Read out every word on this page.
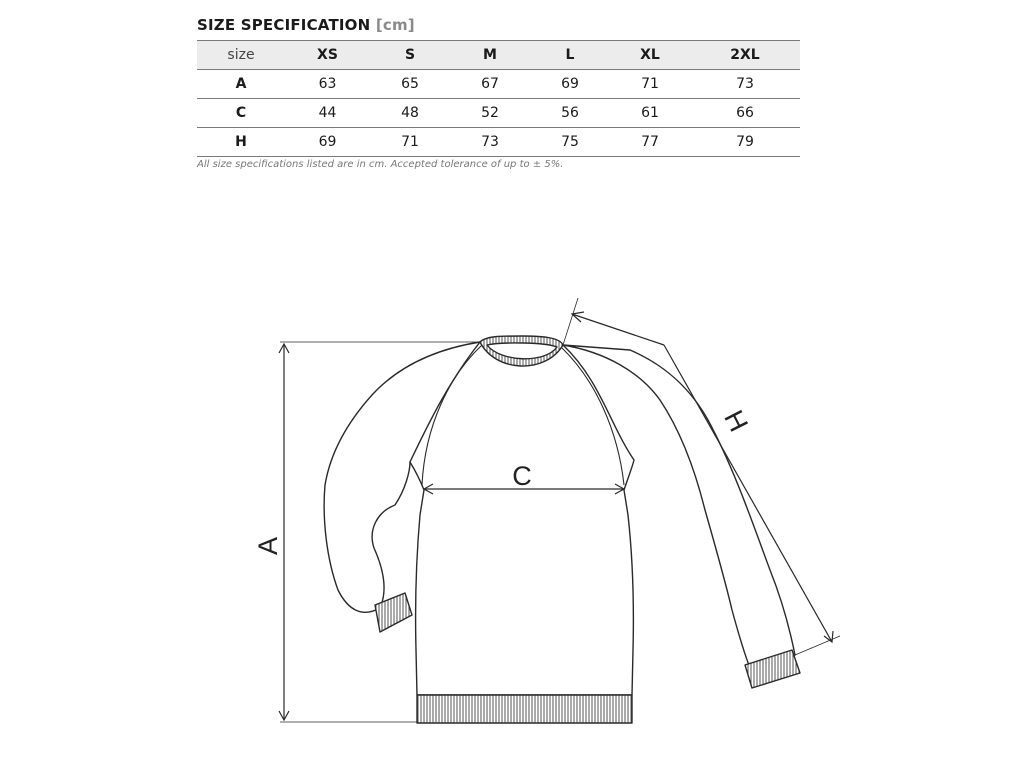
SIZE SPECIFICATION [cm]
size	XS	S	M	L	XL	2XL
A	63	65	67	69	71	73
C	44	48	52	56	61	66
H	69	71	73	75	77	79
All size specifications listed are in cm. Accepted tolerance of up to ± 5%.
A
C
H
